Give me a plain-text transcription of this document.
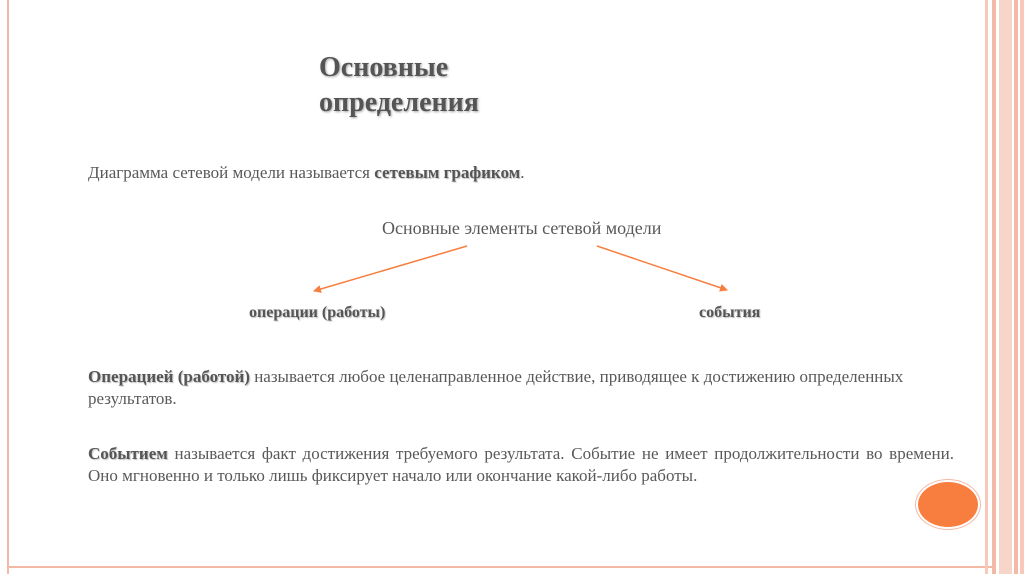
Основные
определения
Диаграмма сетевой модели называется сетевым графиком.
Основные элементы сетевой модели
операции (работы)	события
Операцией (работой) называется любое целенаправленное действие, приводящее к достижению определенных результатов.
Событием называется факт достижения требуемого результата. Событие не имеет продолжительности во времени. Оно мгновенно и только лишь фиксирует начало или окончание какой-либо работы.
